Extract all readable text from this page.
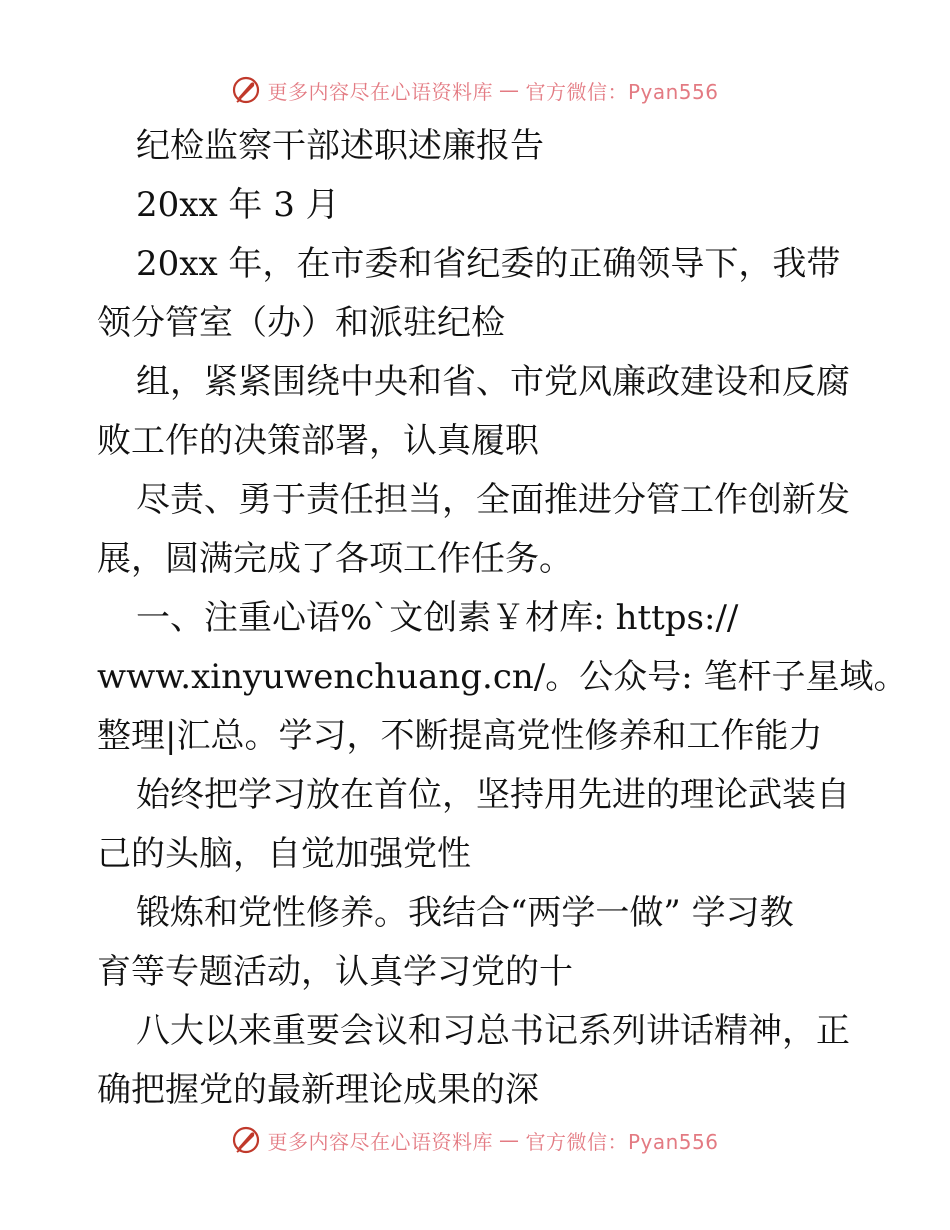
更多内容尽在心语资料库 — 官方微信：Pyan556
纪检监察干部述职述廉报告
20xx 年 3 月
20xx 年，在市委和省纪委的正确领导下，我带
领分管室（办）和派驻纪检
组，紧紧围绕中央和省、市党风廉政建设和反腐
败工作的决策部署，认真履职
尽责、勇于责任担当，全面推进分管工作创新发
展，圆满完成了各项工作任务。
一、注重心语%`文创素￥材库: https://
www.xinyuwenchuang.cn/。公众号: 笔杆子星域。
整理|汇总。学习，不断提高党性修养和工作能力
始终把学习放在首位，坚持用先进的理论武装自
己的头脑，自觉加强党性
锻炼和党性修养。我结合“两学一做” 学习教
育等专题活动，认真学习党的十
八大以来重要会议和习总书记系列讲话精神，正
确把握党的最新理论成果的深
更多内容尽在心语资料库 — 官方微信：Pyan556
